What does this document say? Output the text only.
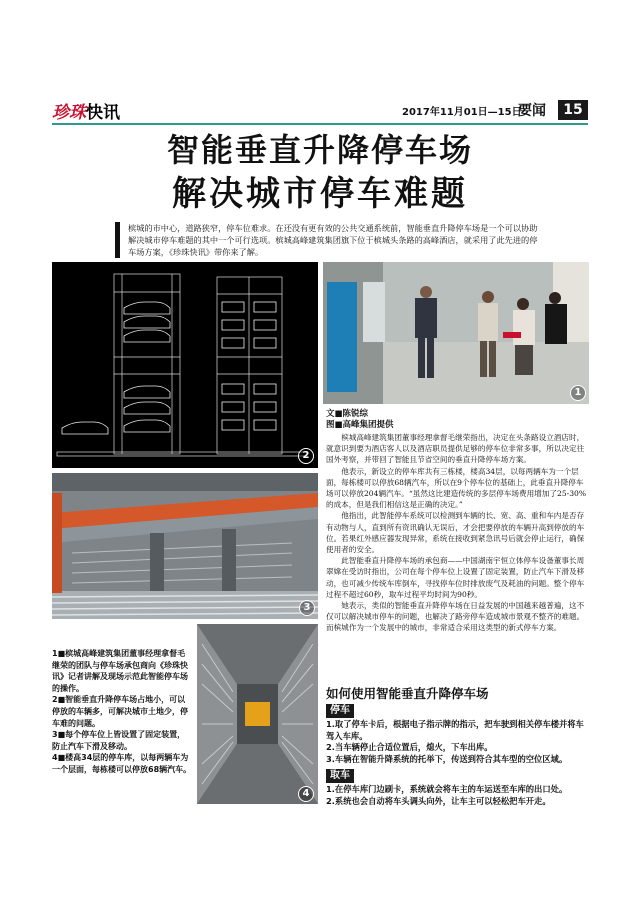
珍珠快讯	2017年11月01日—15日
要闻	15
智能垂直升降停车场
解决城市停车难题
槟城的市中心，道路狭窄，停车位难求。在还没有更有效的公共交通系统前，智能垂直升降停车场是一个可以协助解决城市停车难题的其中一个可行选项。槟城高峰建筑集团旗下位于槟城头条路的高峰酒店，就采用了此先进的停车场方案，《珍珠快讯》带你来了解。
2
1
文■陈锐综
图■高峰集团提供
3
4

槟城高峰建筑集团董事经理拿督毛继荣指出，决定在头条路设立酒店时，就意识到要为酒店客人以及酒店职员提供足够的停车位非常多事，所以决定往国外考察，并带回了智能且节省空间的垂直升降停车场方案。

他表示，新设立的停车库共有三栋楼，楼高34层，以每两辆车为一个层面，每栋楼可以停放68辆汽车，所以在9个停车位的基础上，此垂直升降停车场可以停放204辆汽车。“虽然这比建造传统的多层停车场费用增加了25-30%的成本，但是我们相信这是正确的决定。”

他指出，此智能停车系统可以检测到车辆的长、宽、高、重和车内是否存有动物与人，直到所有资讯确认无误后，才会把要停放的车辆升高到停放的车位。若果红外感应器发现异常，系统在接收到紧急讯号后就会停止运行，确保使用者的安全。

此智能垂直升降停车场的承包商——中国湖南宇恒立体停车设备董事长周翠嫦在受访时指出，公司在每个停车位上设置了固定装置，防止汽车下滑及移动，也可减少传统车库倒车，寻找停车位时排放废气及耗油的问题。整个停车过程不超过60秒，取车过程平均时间为90秒。

她表示，类似的智能垂直升降停车场在日益发展的中国越来越普遍，这不仅可以解决城市停车的问题，也解决了路旁停车造成城市景观不整齐的难题。而槟城作为一个发展中的城市，非常适合采用这类型的新式停车方案。

1■槟城高峰建筑集团董事经理拿督毛继荣的团队与停车场承包商向《珍珠快讯》记者讲解及现场示范此智能停车场的操作。

2■智能垂直升降停车场占地小，可以停放的车辆多，可解决城市土地少，停车难的问题。

3■每个停车位上皆设置了固定装置，防止汽车下滑及移动。

4■楼高34层的停车库，以每两辆车为一个层面，每栋楼可以停放68辆汽车。

如何使用智能垂直升降停车场
停车

1.取了停车卡后，根据电子指示牌的指示，把车驶到相关停车楼并将车驾入车库。

2.当车辆停止合适位置后，熄火，下车出库。

3.车辆在智能升降系统的托举下，传送到符合其车型的空位区域。

取车

1.在停车库门边刷卡，系统就会将车主的车运送至车库的出口处。

2.系统也会自动将车头调头向外，让车主可以轻松把车开走。
